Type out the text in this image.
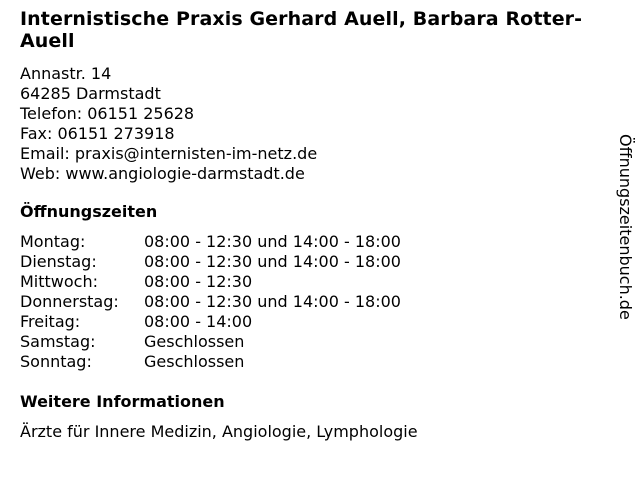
Internistische Praxis Gerhard Auell, Barbara Rotter-Auell
Annastr. 14
64285 Darmstadt
Telefon: 06151 25628
Fax: 06151 273918
Email: praxis@internisten-im-netz.de
Web: www.angiologie-darmstadt.de
Öffnungszeiten
Montag:	08:00 - 12:30 und 14:00 - 18:00
Dienstag:	08:00 - 12:30 und 14:00 - 18:00
Mittwoch:	08:00 - 12:30
Donnerstag:	08:00 - 12:30 und 14:00 - 18:00
Freitag:	08:00 - 14:00
Samstag:	Geschlossen
Sonntag:	Geschlossen
Weitere Informationen
Ärzte für Innere Medizin, Angiologie, Lymphologie
Öffnungszeitenbuch.de
